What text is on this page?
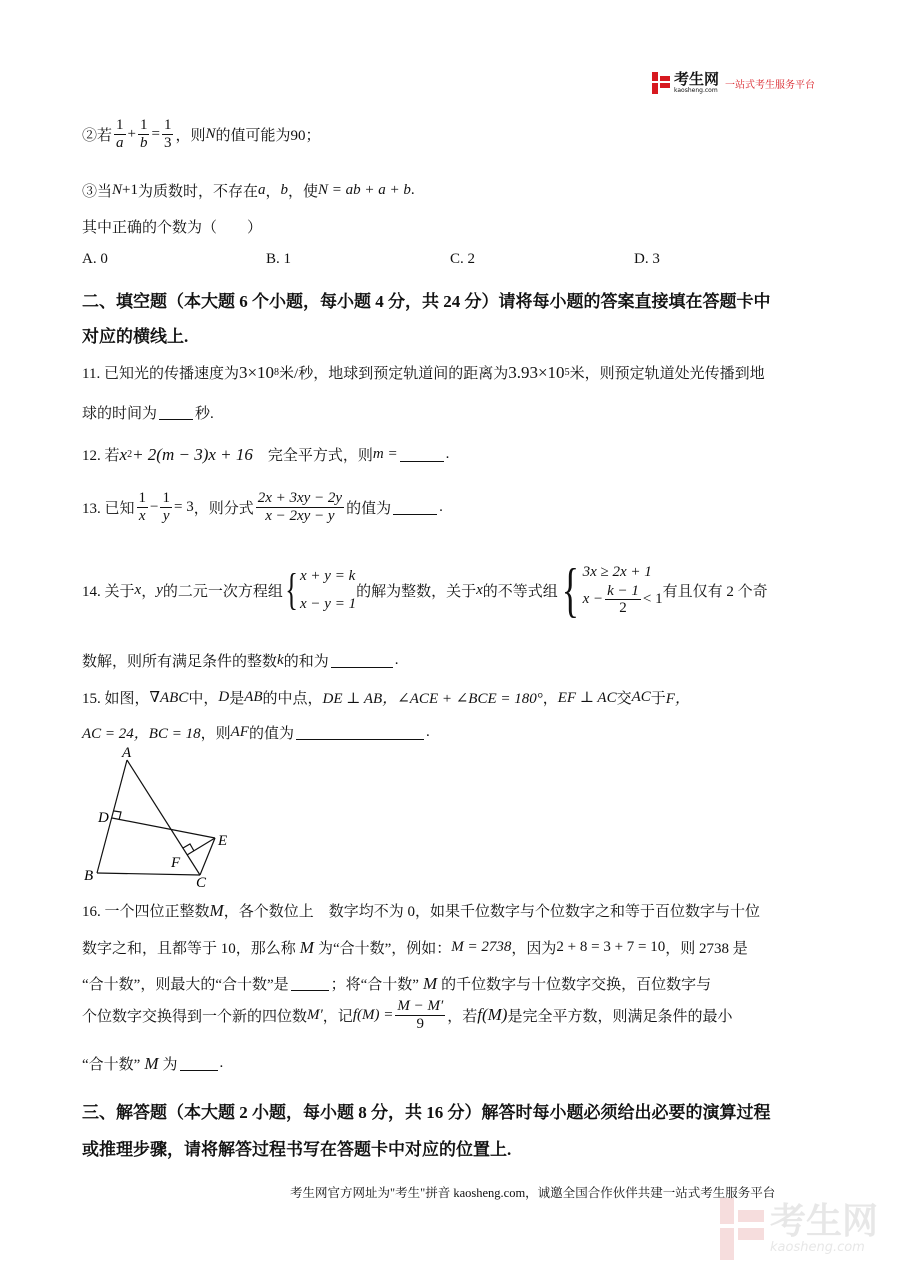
考生网
kaosheng.com 一站式考生服务平台
②若 $\frac{1}{a} + \frac{1}{b} = \frac{1}{3}$ ，则 N 的值可能为90；
③当 N +1 为质数时，不存在 a ， b ，使 N = ab + a + b .
其中正确的个数为（　　）
A. 0	B. 1	C. 2	D. 3
二、填空题（本大题 6 个小题，每小题 4 分，共 24 分）请将每小题的答案直接填在答题卡中
对应的横线上.
11. 已知光的传播速度为 3×10 8 米/秒，地球到预定轨道间的距离为 3.93×10 5 米，则预定轨道处光传播到地
球的时间为	秒.
12. 若 x 2 + 2(m − 3)x + 16 　完全平方式，则 m =	.
13. 已知 $\frac{1}{x} - \frac{1}{y} = 3$ ，则分式 $\frac{2x + 3xy - 2y}{x - 2xy - y}$ 的值为	.
14. 关于 x ， y 的二元一次方程组 { x + y = k
x − y = 1
的解为整数，关于 x 的不等式组 { 3x ≥ 2x + 1
$x - \frac{k - 1}{2} < 1$ 有且仅有 2 个奇
数解，则所有满足条件的整数 k 的和为	.
15. 如图， ∇ABC 中， D 是 AB 的中点， DE ⊥ AB，∠ACE + ∠BCE = 180° ， EF ⊥ AC 交 AC 于 F，
AC = 24，BC = 18 ，则 AF 的值为	.
A
B	C
D
E
F
16. 一个四位正整数 M ，各个数位上　数字均不为 0，如果千位数字与个位数字之和等于百位数字与十位
数字之和，且都等于 10，那么称 M 为“合十数”，例如： M = 2738 ，因为 2 + 8 = 3 + 7 = 10 ，则 2738 是
“合十数”，则最大的“合十数”是	；将“合十数” M 的千位数字与十位数字交换，百位数字与
个位数字交换得到一个新的四位数 M′ ，记 $f(M) = \frac{M - M'}{9}$ ，若 f(M) 是完全平方数，则满足条件的最小
“合十数” M 为	.
三、解答题（本大题 2 小题，每小题 8 分，共 16 分）解答时每小题必须给出必要的演算过程
或推理步骤，请将解答过程书写在答题卡中对应的位置上.
考生网官方网址为"考生"拼音 kaosheng.com，诚邀全国合作伙伴共建一站式考生服务平台
考生网
kaosheng.com
